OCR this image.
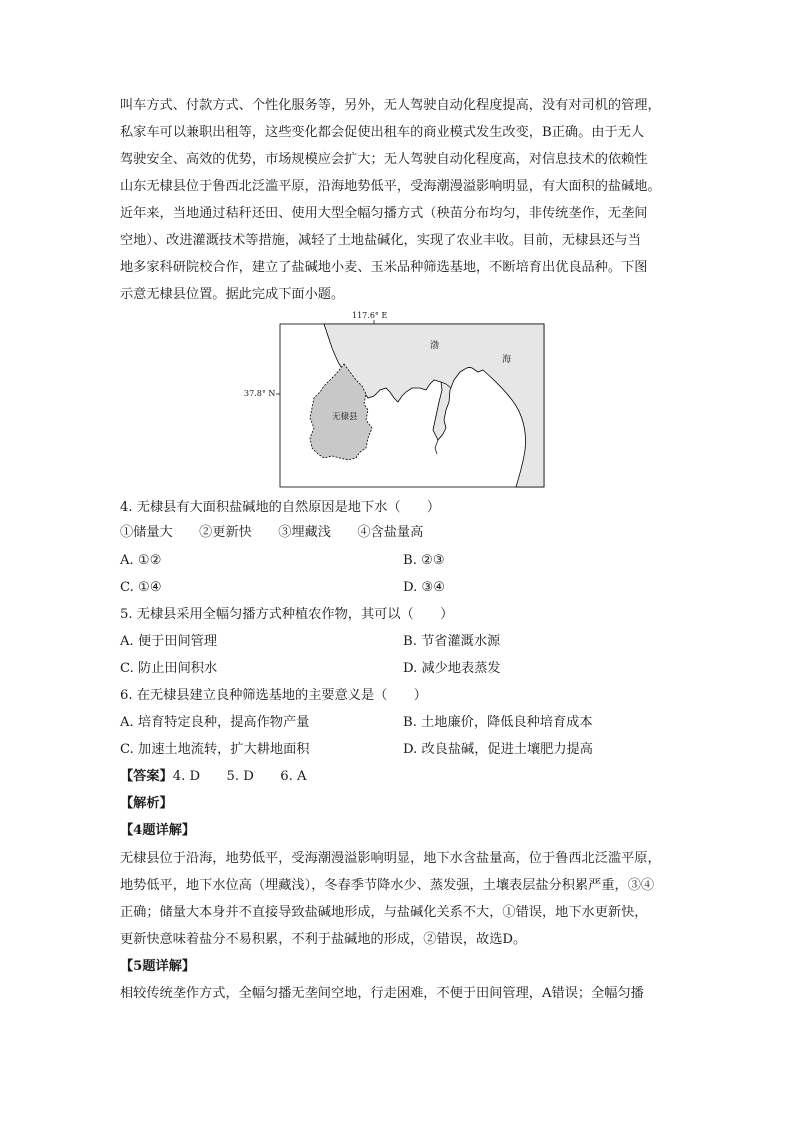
叫车方式、付款方式、个性化服务等，另外，无人驾驶自动化程度提高，没有对司机的管理，

私家车可以兼职出租等，这些变化都会促使出租车的商业模式发生改变，B正确。由于无人

驾驶安全、高效的优势，市场规模应会扩大；无人驾驶自动化程度高，对信息技术的依赖性

山东无棣县位于鲁西北泛滥平原，沿海地势低平，受海潮漫溢影响明显，有大面积的盐碱地。

近年来，当地通过秸秆还田、使用大型全幅匀播方式（秧苗分布均匀，非传统垄作，无垄间

空地）、改进灌溉技术等措施，减轻了土地盐碱化，实现了农业丰收。目前，无棣县还与当

地多家科研院校合作，建立了盐碱地小麦、玉米品种筛选基地，不断培育出优良品种。下图

示意无棣县位置。据此完成下面小题。

117.6° E
37.8° N
渤
海
无棣县

4. 无棣县有大面积盐碱地的自然原因是地下水（　　）

①储量大　　②更新快　　③埋藏浅　　④含盐量高

A. ①②	B. ②③

C. ①④	D. ③④

5. 无棣县采用全幅匀播方式种植农作物，其可以（　　）

A. 便于田间管理	B. 节省灌溉水源

C. 防止田间积水	D. 减少地表蒸发

6. 在无棣县建立良种筛选基地的主要意义是（　　）

A. 培育特定良种，提高作物产量	B. 土地廉价，降低良种培育成本

C. 加速土地流转，扩大耕地面积	D. 改良盐碱，促进土壤肥力提高

【答案】4. D　　5. D　　6. A

【解析】

【4题详解】

无棣县位于沿海，地势低平，受海潮漫溢影响明显，地下水含盐量高，位于鲁西北泛滥平原，

地势低平，地下水位高（埋藏浅），冬春季节降水少、蒸发强，土壤表层盐分积累严重，③④

正确；储量大本身并不直接导致盐碱地形成，与盐碱化关系不大，①错误，地下水更新快，

更新快意味着盐分不易积累，不利于盐碱地的形成，②错误，故选D。

【5题详解】

相较传统垄作方式，全幅匀播无垄间空地，行走困难，不便于田间管理，A错误；全幅匀播
